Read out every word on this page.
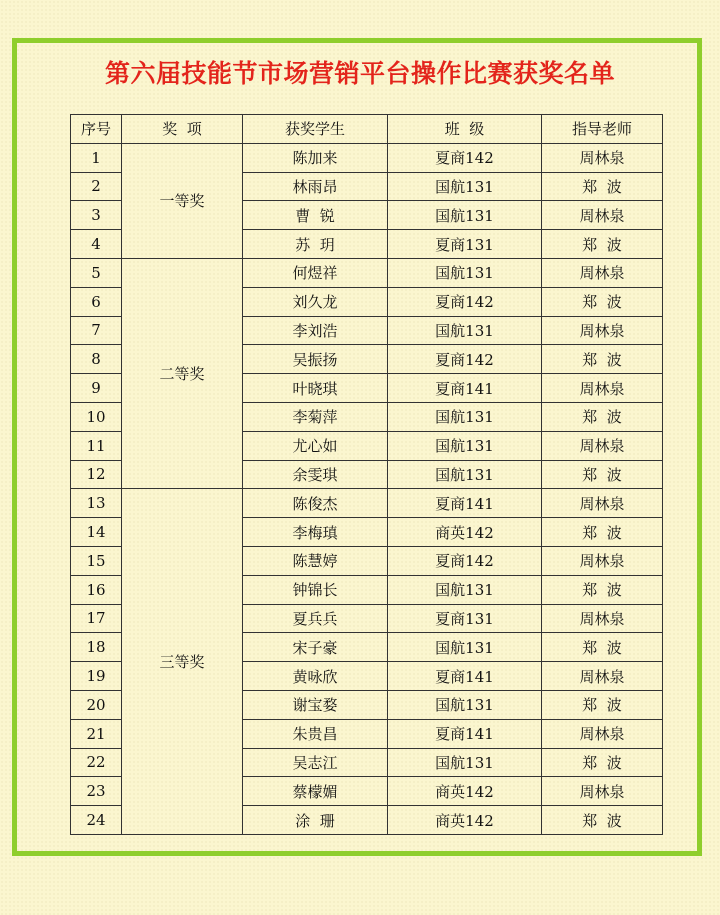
第六届技能节市场营销平台操作比赛获奖名单
序号	奖  项	获奖学生	班  级	指导老师
1	一等奖	陈加来	夏商142	周林泉
2		林雨昂	国航131	郑  波
3		曹  锐	国航131	周林泉
4		苏  玥	夏商131	郑  波
5	二等奖	何煜祥	国航131	周林泉
6		刘久龙	夏商142	郑  波
7		李刘浩	国航131	周林泉
8		吴振扬	夏商142	郑  波
9		叶晓琪	夏商141	周林泉
10		李菊萍	国航131	郑  波
11		尤心如	国航131	周林泉
12		余雯琪	国航131	郑  波
13	三等奖	陈俊杰	夏商141	周林泉
14		李梅瑱	商英142	郑  波
15		陈慧婷	夏商142	周林泉
16		钟锦长	国航131	郑  波
17		夏兵兵	夏商131	周林泉
18		宋子豪	国航131	郑  波
19		黄咏欣	夏商141	周林泉
20		谢宝婺	国航131	郑  波
21		朱贵昌	夏商141	周林泉
22		吴志江	国航131	郑  波
23		蔡檬媚	商英142	周林泉
24		涂  珊	商英142	郑  波
